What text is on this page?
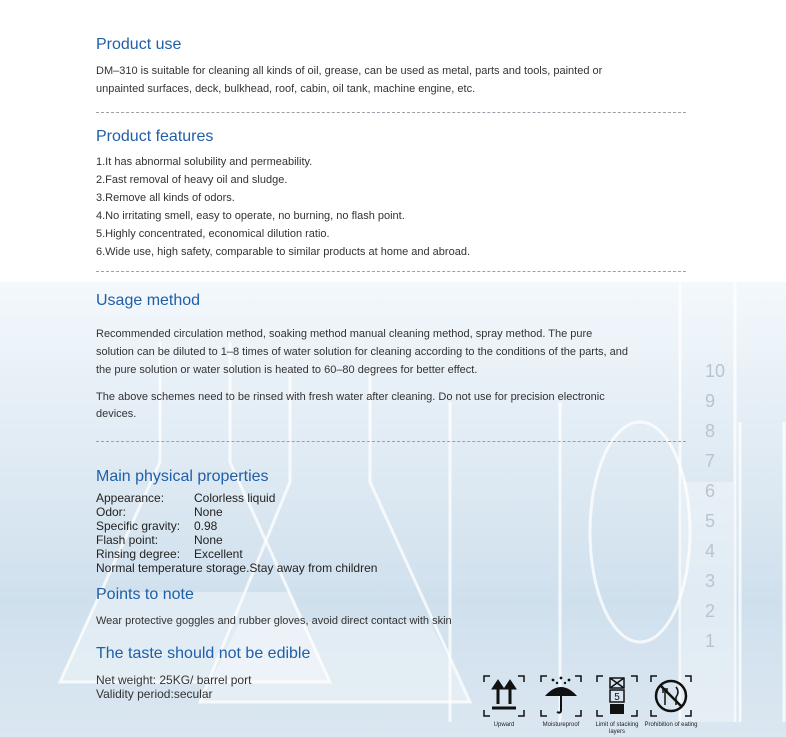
10
9
8
7
6
5
4
3
2
1
Product use

DM–310 is suitable for cleaning all kinds of oil, grease, can be used as metal, parts and tools, painted or

unpainted surfaces, deck, bulkhead, roof, cabin, oil tank, machine engine, etc.

Product features
1.It has abnormal solubility and permeability.
2.Fast removal of heavy oil and sludge.
3.Remove all kinds of odors.
4.No irritating smell, easy to operate, no burning, no flash point.
5.Highly concentrated, economical dilution ratio.
6.Wide use, high safety, comparable to similar products at home and abroad.
Usage method

Recommended circulation method, soaking method manual cleaning method, spray method. The pure

solution can be diluted to 1–8 times of water solution for cleaning according to the conditions of the parts, and

the pure solution or water solution is heated to 60–80 degrees for better effect.

The above schemes need to be rinsed with fresh water after cleaning. Do not use for precision electronic

devices.

Main physical properties
Appearance:	Colorless liquid
Odor:	None
Specific gravity:	0.98
Flash point:	None
Rinsing degree:	Excellent
Normal temperature storage.Stay away from children
Points to note

Wear protective goggles and rubber gloves, avoid direct contact with skin

The taste should not be edible

Net weight: 25KG/ barrel port

Validity period:secular

Upward	Moistureproof
5
Limit of stacking layers
Prohibition of eating
